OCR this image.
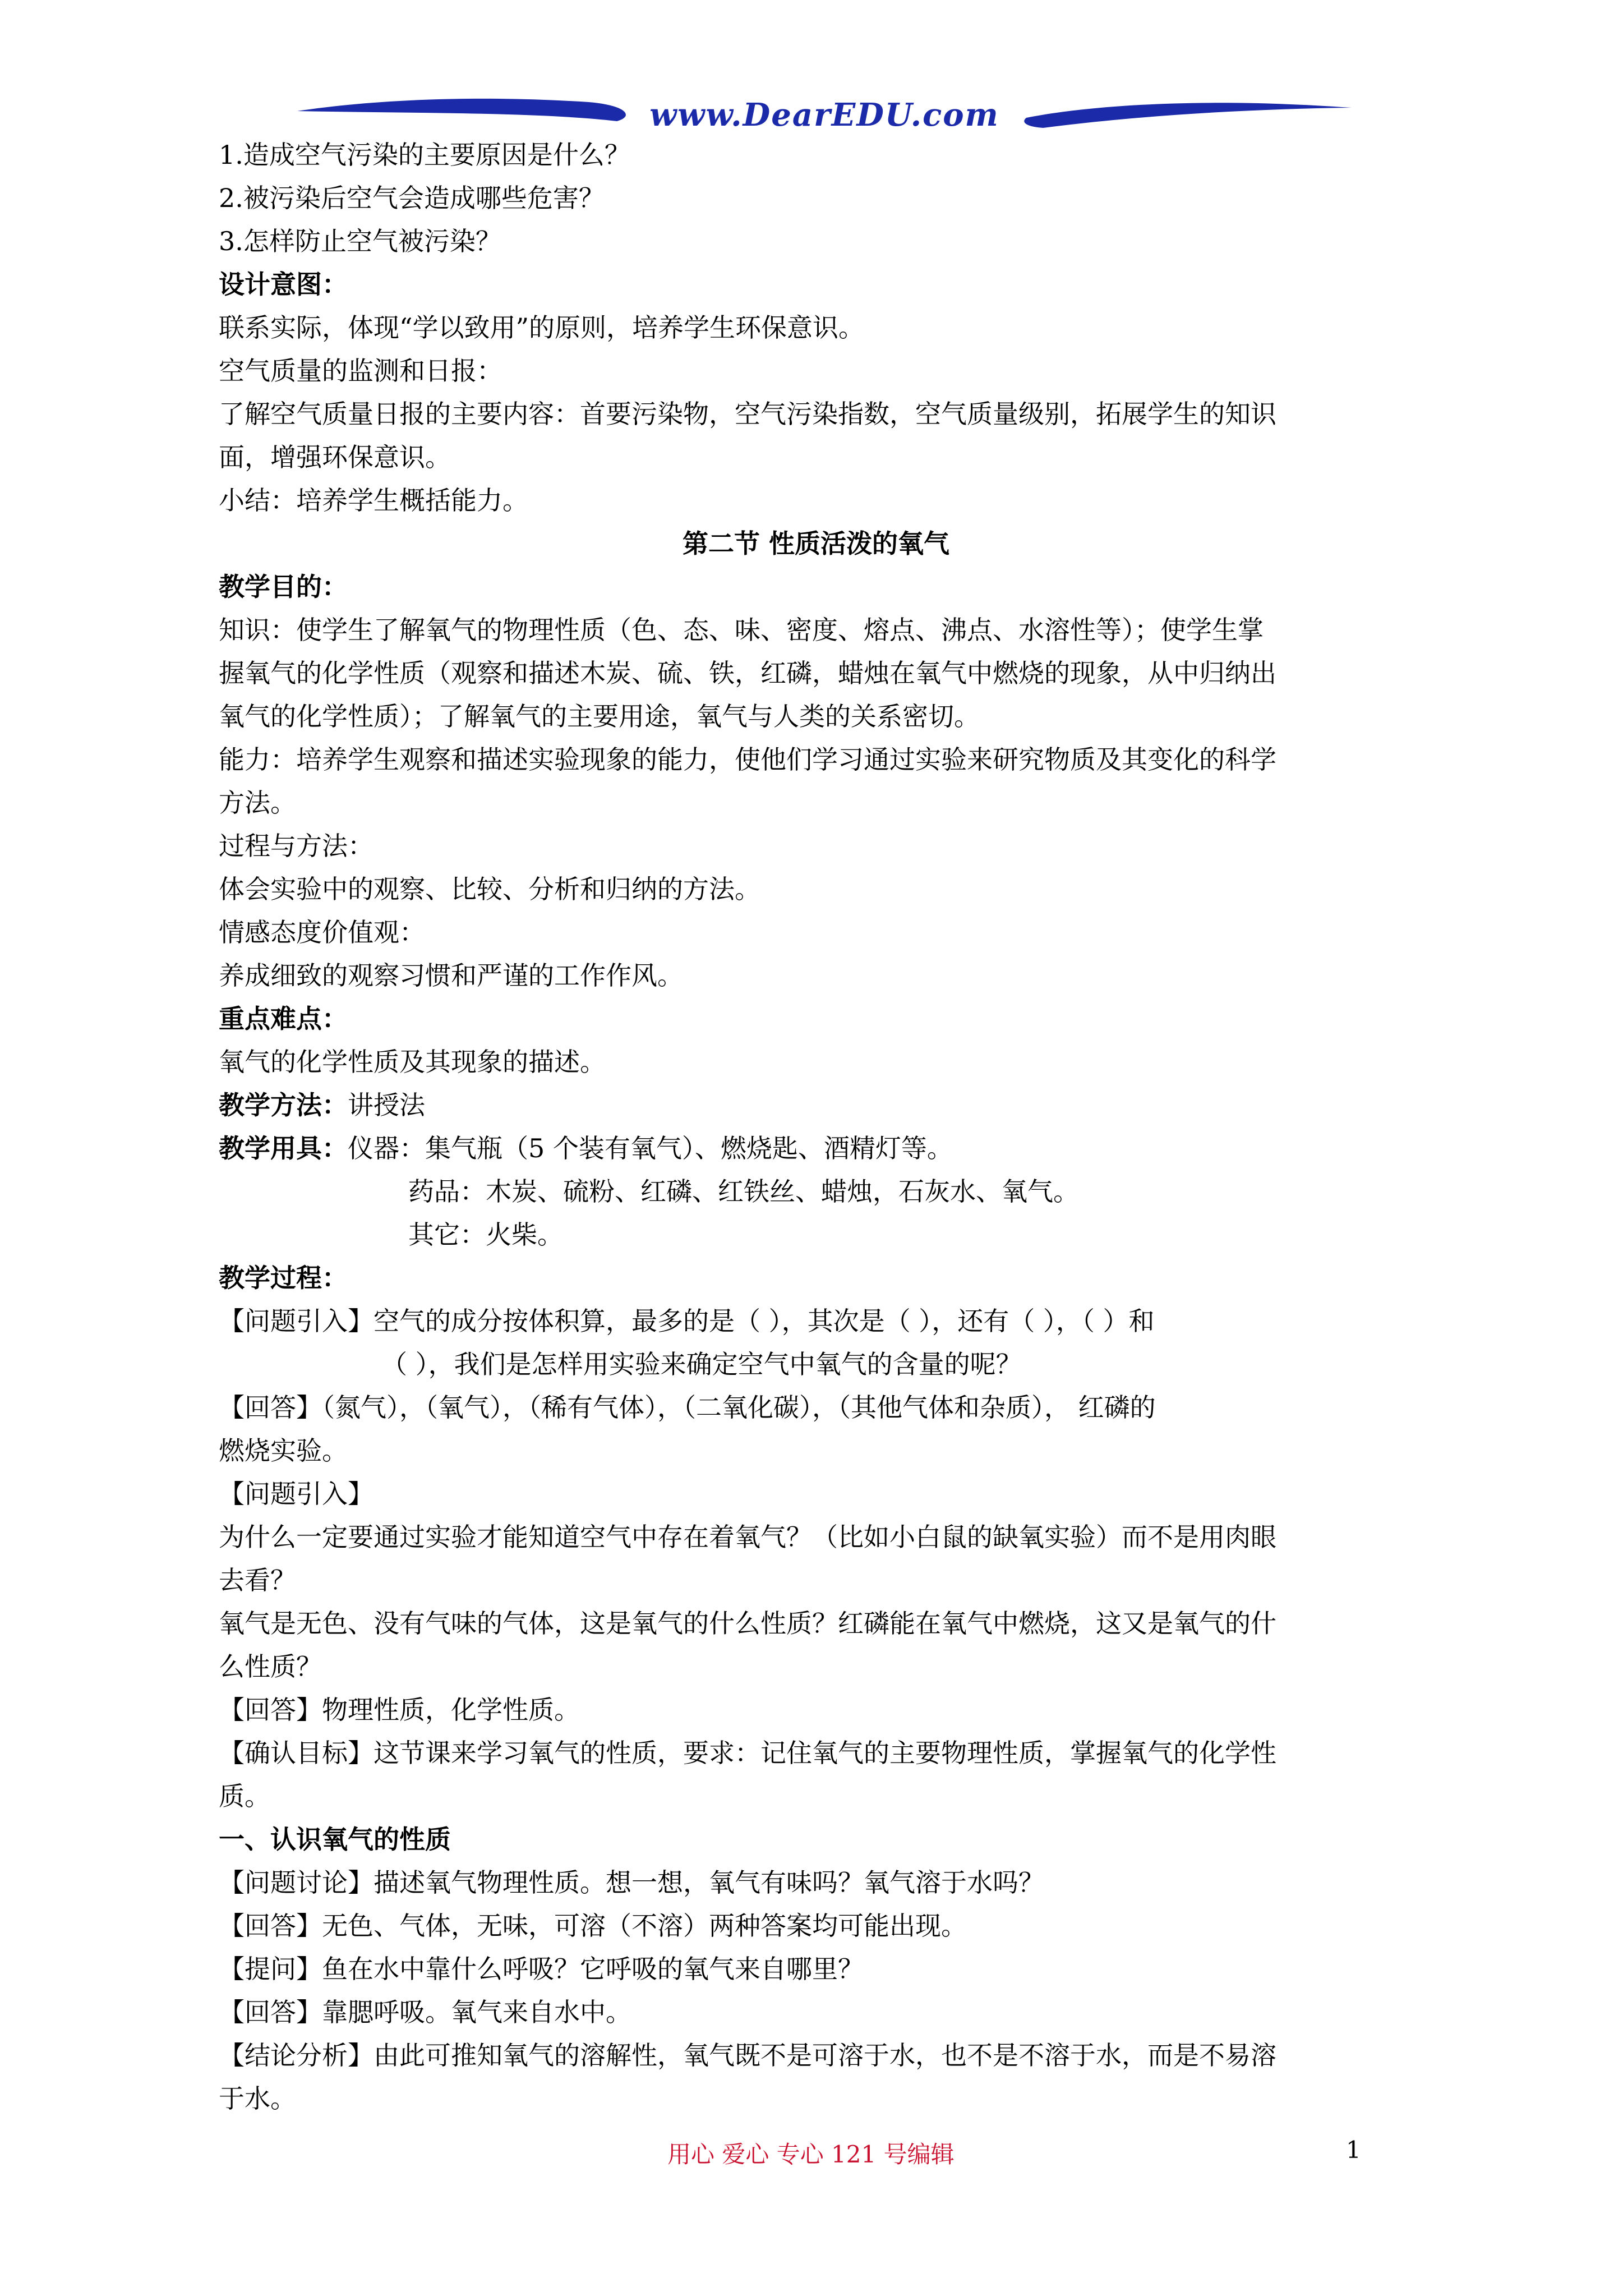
www.DearEDU.com
1.造成空气污染的主要原因是什么？
2.被污染后空气会造成哪些危害？
3.怎样防止空气被污染？
设计意图：
联系实际，体现“学以致用”的原则，培养学生环保意识。
空气质量的监测和日报：
了解空气质量日报的主要内容：首要污染物，空气污染指数，空气质量级别，拓展学生的知识
面，增强环保意识。
小结：培养学生概括能力。
第二节 性质活泼的氧气
教学目的：
知识：使学生了解氧气的物理性质（色、态、味、密度、熔点、沸点、水溶性等）；使学生掌
握氧气的化学性质（观察和描述木炭、硫、铁，红磷，蜡烛在氧气中燃烧的现象，从中归纳出
氧气的化学性质）；了解氧气的主要用途，氧气与人类的关系密切。
能力：培养学生观察和描述实验现象的能力，使他们学习通过实验来研究物质及其变化的科学
方法。
过程与方法：
体会实验中的观察、比较、分析和归纳的方法。
情感态度价值观：
养成细致的观察习惯和严谨的工作作风。
重点难点：
氧气的化学性质及其现象的描述。
教学方法：讲授法
教学用具：仪器：集气瓶（5 个装有氧气）、燃烧匙、酒精灯等。
药品：木炭、硫粉、红磷、红铁丝、蜡烛，石灰水、氧气。
其它：火柴。
教学过程：
【问题引入】空气的成分按体积算，最多的是（ ），其次是（ ），还有（ ），（ ）和
（ ），我们是怎样用实验来确定空气中氧气的含量的呢？
【回答】（氮气），（氧气），（稀有气体），（二氧化碳），（其他气体和杂质）， 红磷的
燃烧实验。
【问题引入】
为什么一定要通过实验才能知道空气中存在着氧气？（比如小白鼠的缺氧实验）而不是用肉眼
去看？
氧气是无色、没有气味的气体，这是氧气的什么性质？红磷能在氧气中燃烧，这又是氧气的什
么性质？
【回答】物理性质，化学性质。
【确认目标】这节课来学习氧气的性质，要求：记住氧气的主要物理性质，掌握氧气的化学性
质。
一、认识氧气的性质
【问题讨论】描述氧气物理性质。想一想，氧气有味吗？氧气溶于水吗？
【回答】无色、气体，无味，可溶（不溶）两种答案均可能出现。
【提问】鱼在水中靠什么呼吸？它呼吸的氧气来自哪里？
【回答】靠腮呼吸。氧气来自水中。
【结论分析】由此可推知氧气的溶解性，氧气既不是可溶于水，也不是不溶于水，而是不易溶
于水。
用心 爱心 专心 121 号编辑	1
